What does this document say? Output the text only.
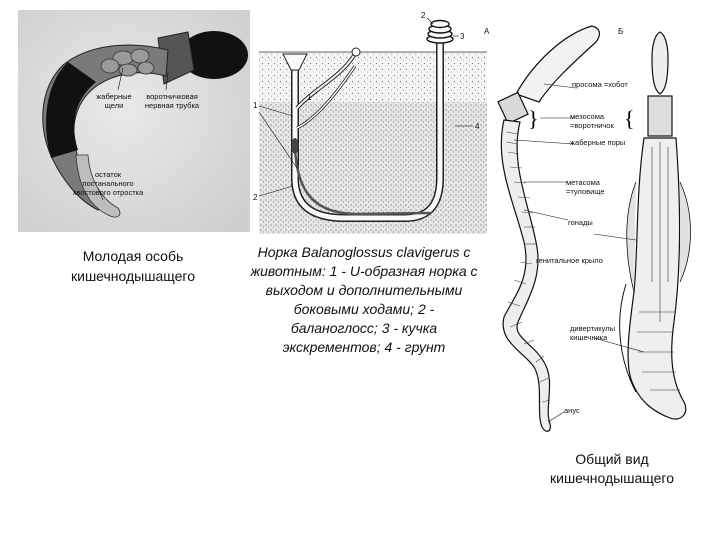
жаберные щели
воротничковая нервная трубка
остаток постанального хвостового отростка
Молодая особь кишечнодышащего
1
2
2
3
4
1
Норка Balanoglossus clavigerus с животным: 1 - U-образная норка с выходом и дополнительными боковыми ходами; 2 - баланоглосс; 3 - кучка экскрементов; 4 - грунт
А	Б
}	{
просома =хобот
мезосома =воротничок
жаберные поры
метасома =туловище
гонады
генитальное крыло
дивертикулы кишечника
анус
Общий вид кишечнодышащего
